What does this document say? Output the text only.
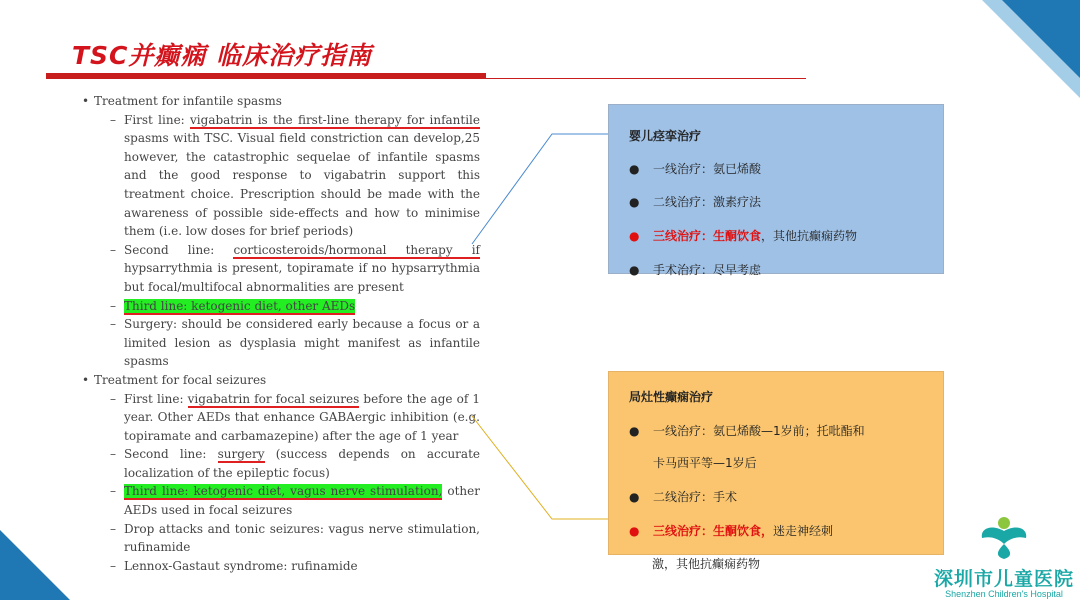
TSC并癫痫 临床治疗指南

• Treatment for infantile spasms

– First line: vigabatrin is the first-line therapy for infantile spasms with TSC. Visual field constriction can develop,25 however, the catastrophic sequelae of infantile spasms and the good response to vigabatrin support this treatment choice. Prescription should be made with the awareness of possible side-effects and how to minimise them (i.e. low doses for brief periods)

– Second line: corticosteroids/hormonal therapy if hypsarrythmia is present, topiramate if no hypsarrythmia but focal/multifocal abnormalities are present

– Third line: ketogenic diet, other AEDs

– Surgery: should be considered early because a focus or a limited lesion as dysplasia might manifest as infantile spasms

• Treatment for focal seizures

– First line: vigabatrin for focal seizures before the age of 1 year. Other AEDs that enhance GABAergic inhibition (e.g. topiramate and carbamazepine) after the age of 1 year

– Second line: surgery (success depends on accurate localization of the epileptic focus)

– Third line: ketogenic diet, vagus nerve stimulation, other AEDs used in focal seizures

– Drop attacks and tonic seizures: vagus nerve stimulation, rufinamide

– Lennox-Gastaut syndrome: rufinamide

婴儿痉挛治疗
● 一线治疗：氨已烯酸
● 二线治疗：激素疗法
● 三线治疗：生酮饮食，其他抗癫痫药物
● 手术治疗：尽早考虑
局灶性癫痫治疗
● 一线治疗：氨已烯酸—1岁前；托吡酯和
卡马西平等—1岁后
● 二线治疗：手术
● 三线治疗：生酮饮食，迷走神经刺
激，其他抗癫痫药物
深圳市儿童医院
Shenzhen Children's Hospital
